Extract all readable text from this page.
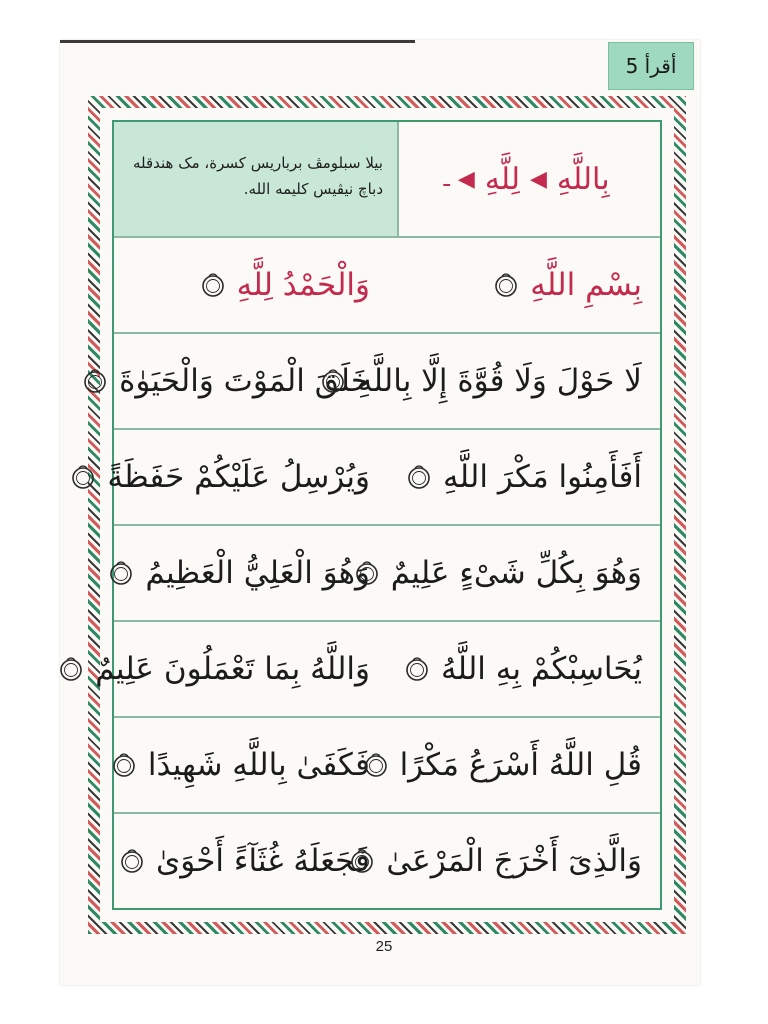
أقرأ 5
بيلا سبلومڤ برباريس كسرة، مک هندقله دباچ نيڤيس كليمه الله.	ـ ◀ لِلَّهِ ◀ بِاللَّهِ
بِسْمِ اللَّهِ
وَالْحَمْدُ لِلَّهِ
لَا حَوْلَ وَلَا قُوَّةَ إِلَّا بِاللَّهِ
خَلَقَ الْمَوْتَ وَالْحَيَوٰةَ
أَفَأَمِنُوا مَكْرَ اللَّهِ
وَيُرْسِلُ عَلَيْكُمْ حَفَظَةً
وَهُوَ بِكُلِّ شَىْءٍ عَلِيمٌ
وَهُوَ الْعَلِيُّ الْعَظِيمُ
يُحَاسِبْكُمْ بِهِ اللَّهُ
وَاللَّهُ بِمَا تَعْمَلُونَ عَلِيمٌ
قُلِ اللَّهُ أَسْرَعُ مَكْرًا
فَكَفَىٰ بِاللَّهِ شَهِيدًا
وَالَّذِىٓ أَخْرَجَ الْمَرْعَىٰ
فَجَعَلَهُ غُثَآءً أَحْوَىٰ
25
